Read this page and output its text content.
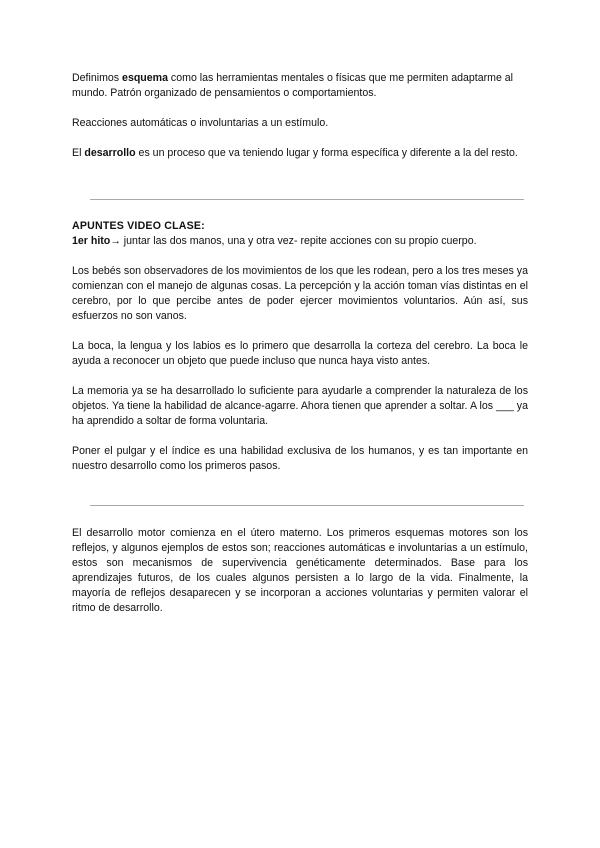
Definimos esquema como las herramientas mentales o físicas que me permiten adaptarme al mundo. Patrón organizado de pensamientos o comportamientos.

Reacciones automáticas o involuntarias a un estímulo.

El desarrollo es un proceso que va teniendo lugar y forma específica y diferente a la del resto.

APUNTES VIDEO CLASE:

1er hito→ juntar las dos manos, una y otra vez- repite acciones con su propio cuerpo.

Los bebés son observadores de los movimientos de los que les rodean, pero a los tres meses ya comienzan con el manejo de algunas cosas. La percepción y la acción toman vías distintas en el cerebro, por lo que percibe antes de poder ejercer movimientos voluntarios. Aún así, sus esfuerzos no son vanos.

La boca, la lengua y los labios es lo primero que desarrolla la corteza del cerebro. La boca le ayuda a reconocer un objeto que puede incluso que nunca haya visto antes.

La memoria ya se ha desarrollado lo suficiente para ayudarle a comprender la naturaleza de los objetos. Ya tiene la habilidad de alcance-agarre. Ahora tienen que aprender a soltar. A los ___ ya ha aprendido a soltar de forma voluntaria.

Poner el pulgar y el índice es una habilidad exclusiva de los humanos, y es tan importante en nuestro desarrollo como los primeros pasos.

El desarrollo motor comienza en el útero materno. Los primeros esquemas motores son los reflejos, y algunos ejemplos de estos son; reacciones automáticas e involuntarias a un estímulo, estos son mecanismos de supervivencia genéticamente determinados. Base para los aprendizajes futuros, de los cuales algunos persisten a lo largo de la vida. Finalmente, la mayoría de reflejos desaparecen y se incorporan a acciones voluntarias y permiten valorar el ritmo de desarrollo.
